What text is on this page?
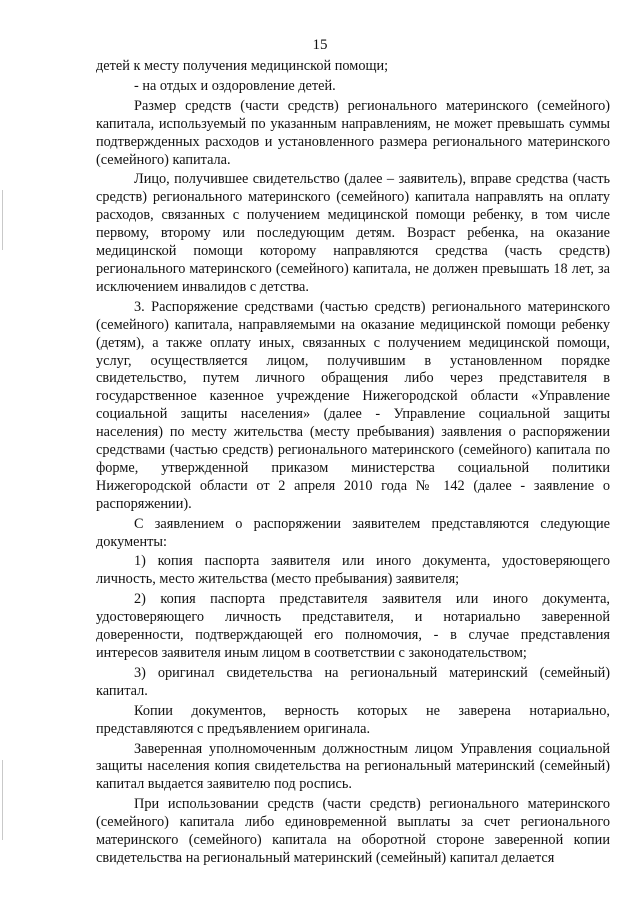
15

детей к месту получения медицинской помощи;

- на отдых и оздоровление детей.

Размер средств (части средств) регионального материнского (семейного) капитала, используемый по указанным направлениям, не может превышать суммы подтвержденных расходов и установленного размера регионального материнского (семейного) капитала.

Лицо, получившее свидетельство (далее – заявитель), вправе средства (часть средств) регионального материнского (семейного) капитала направлять на оплату расходов, связанных с получением медицинской помощи ребенку, в том числе первому, второму или последующим детям. Возраст ребенка, на оказание медицинской помощи которому направляются средства (часть средств) регионального материнского (семейного) капитала, не должен превышать 18 лет, за исключением инвалидов с детства.

3. Распоряжение средствами (частью средств) регионального материнского (семейного) капитала, направляемыми на оказание медицинской помощи ребенку (детям), а также оплату иных, связанных с получением медицинской помощи, услуг, осуществляется лицом, получившим в установленном порядке свидетельство, путем личного обращения либо через представителя в государственное казенное учреждение Нижегородской области «Управление социальной защиты населения» (далее - Управление социальной защиты населения) по месту жительства (месту пребывания) заявления о распоряжении средствами (частью средств) регионального материнского (семейного) капитала по форме, утвержденной приказом министерства социальной политики Нижегородской области от 2 апреля 2010 года № 142 (далее - заявление о распоряжении).

С заявлением о распоряжении заявителем представляются следующие документы:

1) копия паспорта заявителя или иного документа, удостоверяющего личность, место жительства (место пребывания) заявителя;

2) копия паспорта представителя заявителя или иного документа, удостоверяющего личность представителя, и нотариально заверенной доверенности, подтверждающей его полномочия, - в случае представления интересов заявителя иным лицом в соответствии с законодательством;

3) оригинал свидетельства на региональный материнский (семейный) капитал.

Копии документов, верность которых не заверена нотариально, представляются с предъявлением оригинала.

Заверенная уполномоченным должностным лицом Управления социальной защиты населения копия свидетельства на региональный материнский (семейный) капитал выдается заявителю под роспись.

При использовании средств (части средств) регионального материнского (семейного) капитала либо единовременной выплаты за счет регионального материнского (семейного) капитала на оборотной стороне заверенной копии свидетельства на региональный материнский (семейный) капитал делается
